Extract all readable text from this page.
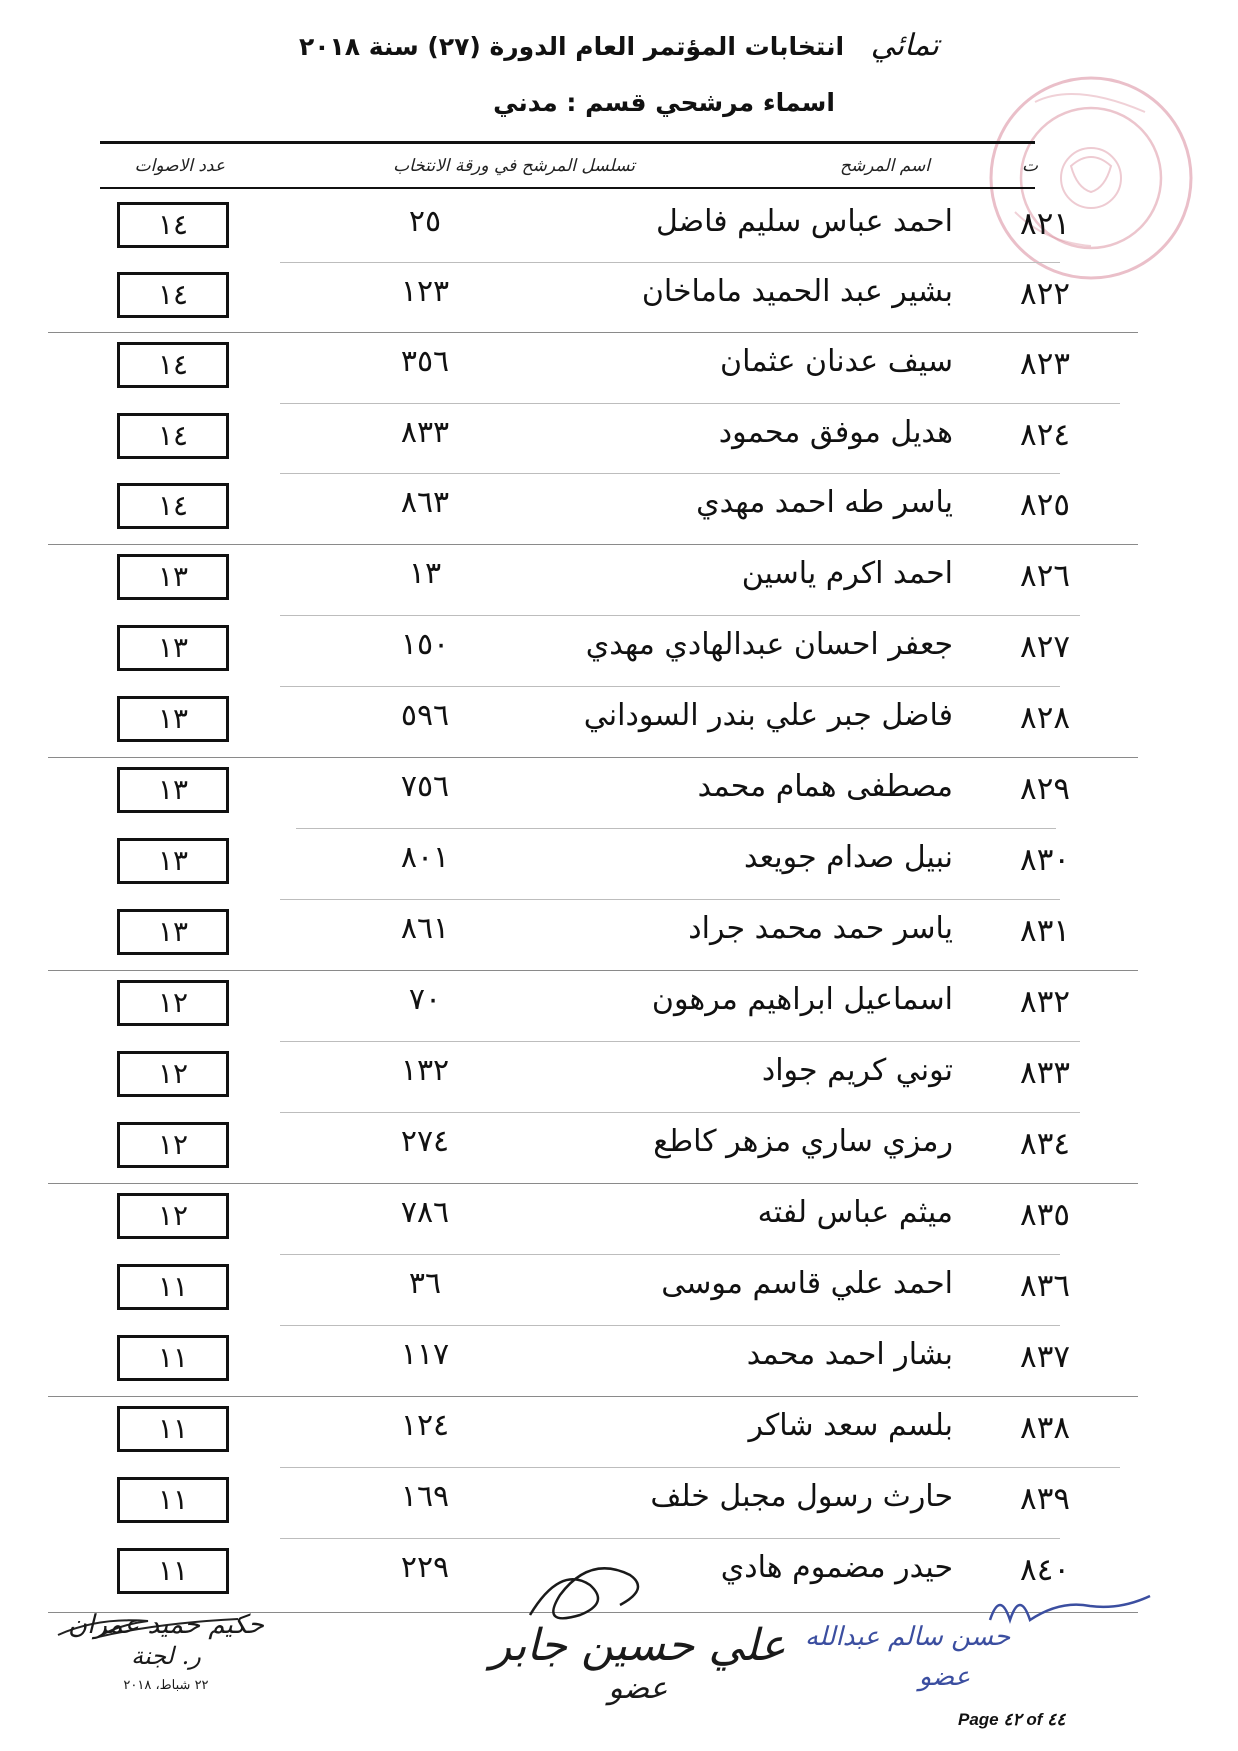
تمائي انتخابات المؤتمر العام الدورة (٢٧) سنة ٢٠١٨
اسماء مرشحي قسم : مدني
ت
اسم المرشح
تسلسل المرشح في ورقة الانتخاب
عدد الاصوات
٨٢١
احمد عباس سليم فاضل
٢٥
١٤
٨٢٢
بشير عبد الحميد ماماخان
١٢٣
١٤
٨٢٣
سيف عدنان عثمان
٣٥٦
١٤
٨٢٤
هديل موفق محمود
٨٣٣
١٤
٨٢٥
ياسر طه احمد مهدي
٨٦٣
١٤
٨٢٦
احمد اكرم ياسين
١٣
١٣
٨٢٧
جعفر احسان عبدالهادي مهدي
١٥٠
١٣
٨٢٨
فاضل جبر علي بندر السوداني
٥٩٦
١٣
٨٢٩
مصطفى همام محمد
٧٥٦
١٣
٨٣٠
نبيل صدام جويعد
٨٠١
١٣
٨٣١
ياسر حمد محمد جراد
٨٦١
١٣
٨٣٢
اسماعيل ابراهيم مرهون
٧٠
١٢
٨٣٣
توني كريم جواد
١٣٢
١٢
٨٣٤
رمزي ساري مزهر كاطع
٢٧٤
١٢
٨٣٥
ميثم عباس لفته
٧٨٦
١٢
٨٣٦
احمد علي قاسم موسى
٣٦
١١
٨٣٧
بشار احمد محمد
١١٧
١١
٨٣٨
بلسم سعد شاكر
١٢٤
١١
٨٣٩
حارث رسول مجبل خلف
١٦٩
١١
٨٤٠
حيدر مضموم هادي
٢٢٩
١١
حكيم حميد عمران
ر. لجنة
٢٢ شباط، ٢٠١٨
علي حسين جابر
عضو
حسن سالم عبدالله
عضو
Page ٤٢ of ٤٤
